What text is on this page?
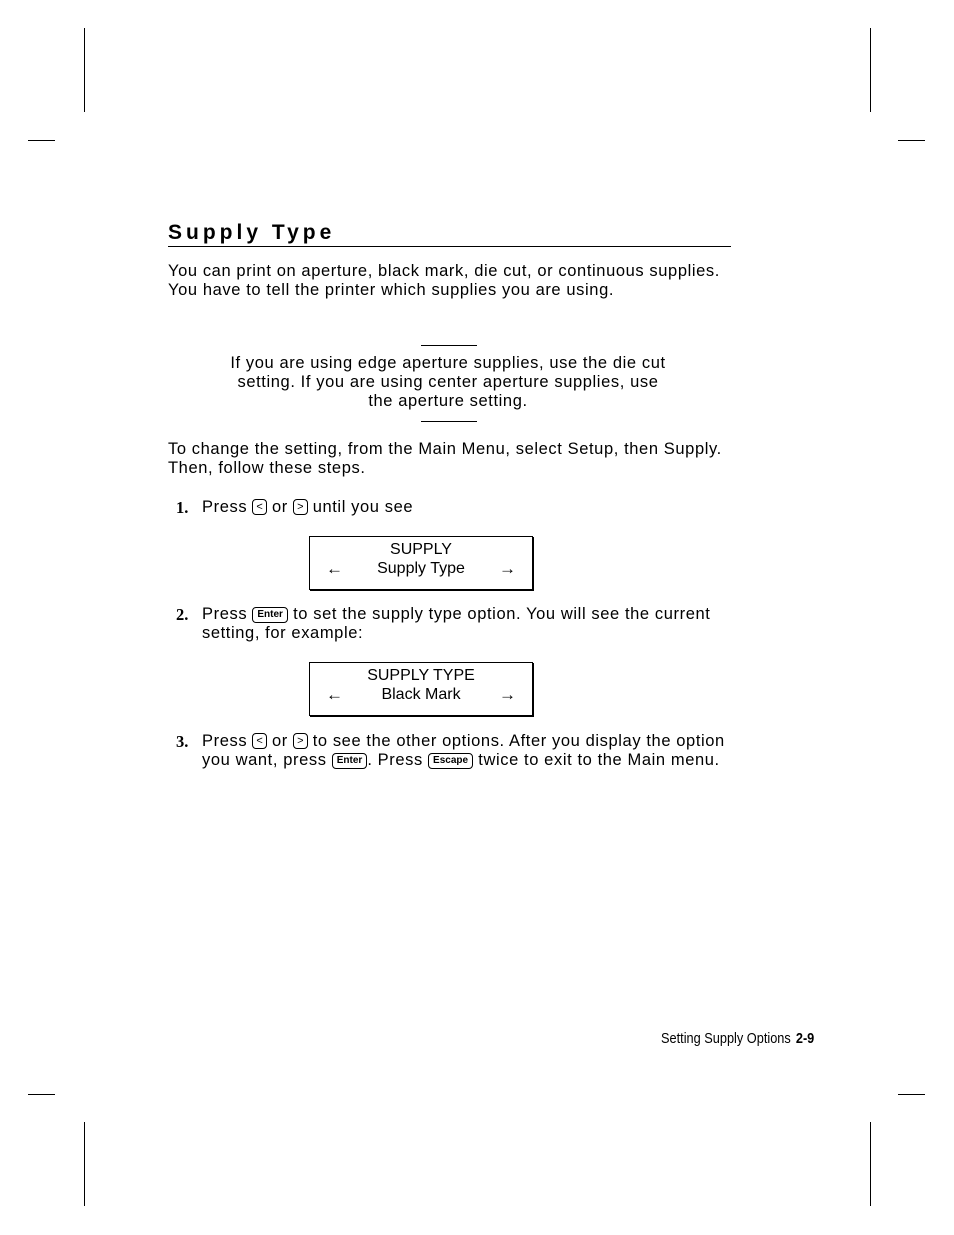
Supply Type
You can print on aperture, black mark, die cut, or continuous supplies. You have to tell the printer which supplies you are using.
If you are using edge aperture supplies, use the die cut setting. If you are using center aperture supplies, use the aperture setting.
To change the setting, from the Main Menu, select Setup, then Supply. Then, follow these steps.
1. Press < or > until you see
SUPPLY
Supply Type
←	→
2. Press Enter to set the supply type option. You will see the current setting, for example:
SUPPLY TYPE
Black Mark
←	→
3. Press < or > to see the other options. After you display the option you want, press Enter . Press Escape twice to exit to the Main menu.
Setting Supply Options 2-9
